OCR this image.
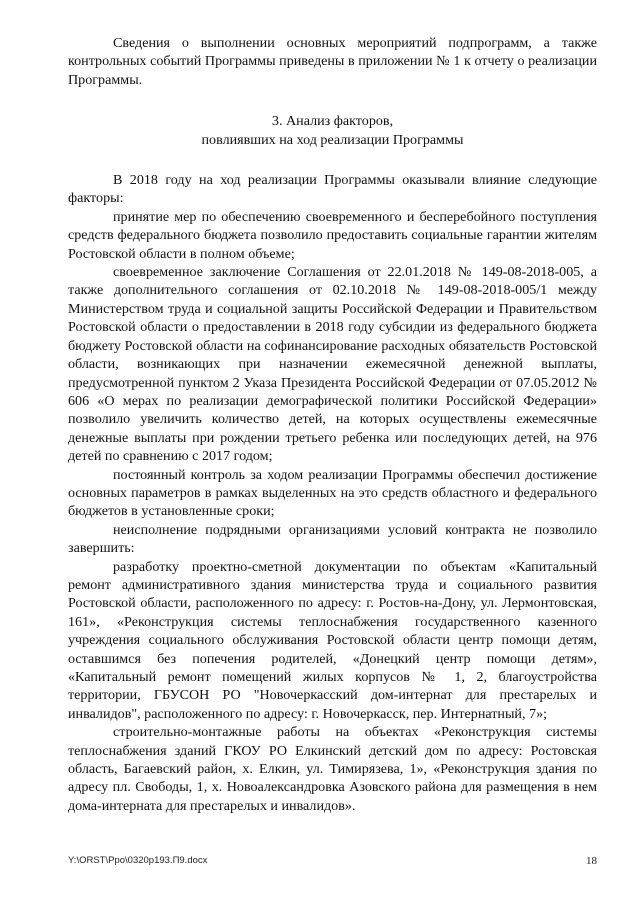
Сведения о выполнении основных мероприятий подпрограмм, а также контрольных событий Программы приведены в приложении № 1 к отчету о реализации Программы.

3. Анализ факторов,
повлиявших на ход реализации Программы

В 2018 году на ход реализации Программы оказывали влияние следующие факторы:

принятие мер по обеспечению своевременного и бесперебойного поступления средств федерального бюджета позволило предоставить социальные гарантии жителям Ростовской области в полном объеме;

своевременное заключение Соглашения от 22.01.2018 № 149-08-2018-005, а также дополнительного соглашения от 02.10.2018 № 149-08-2018-005/1 между Министерством труда и социальной защиты Российской Федерации и Правительством Ростовской области о предоставлении в 2018 году субсидии из федерального бюджета бюджету Ростовской области на софинансирование расходных обязательств Ростовской области, возникающих при назначении ежемесячной денежной выплаты, предусмотренной пунктом 2 Указа Президента Российской Федерации от 07.05.2012 № 606 «О мерах по реализации демографической политики Российской Федерации» позволило увеличить количество детей, на которых осуществлены ежемесячные денежные выплаты при рождении третьего ребенка или последующих детей, на 976 детей по сравнению с 2017 годом;

постоянный контроль за ходом реализации Программы обеспечил достижение основных параметров в рамках выделенных на это средств областного и федерального бюджетов в установленные сроки;

неисполнение подрядными организациями условий контракта не позволило завершить:

разработку проектно-сметной документации по объектам «Капитальный ремонт административного здания министерства труда и социального развития Ростовской области, расположенного по адресу: г. Ростов-на-Дону, ул. Лермонтовская, 161», «Реконструкция системы теплоснабжения государственного казенного учреждения социального обслуживания Ростовской области центр помощи детям, оставшимся без попечения родителей, «Донецкий центр помощи детям», «Капитальный ремонт помещений жилых корпусов № 1, 2, благоустройства территории, ГБУСОН РО "Новочеркасский дом-интернат для престарелых и инвалидов", расположенного по адресу: г. Новочеркасск, пер. Интернатный, 7»;

строительно-монтажные работы на объектах «Реконструкция системы теплоснабжения зданий ГКОУ РО Елкинский детский дом по адресу: Ростовская область, Багаевский район, х. Елкин, ул. Тимирязева, 1», «Реконструкция здания по адресу пл. Свободы, 1, х. Новоалександровка Азовского района для размещения в нем дома-интерната для престарелых и инвалидов».

Y:\ORST\Ppo\0320p193.П9.docx	18
